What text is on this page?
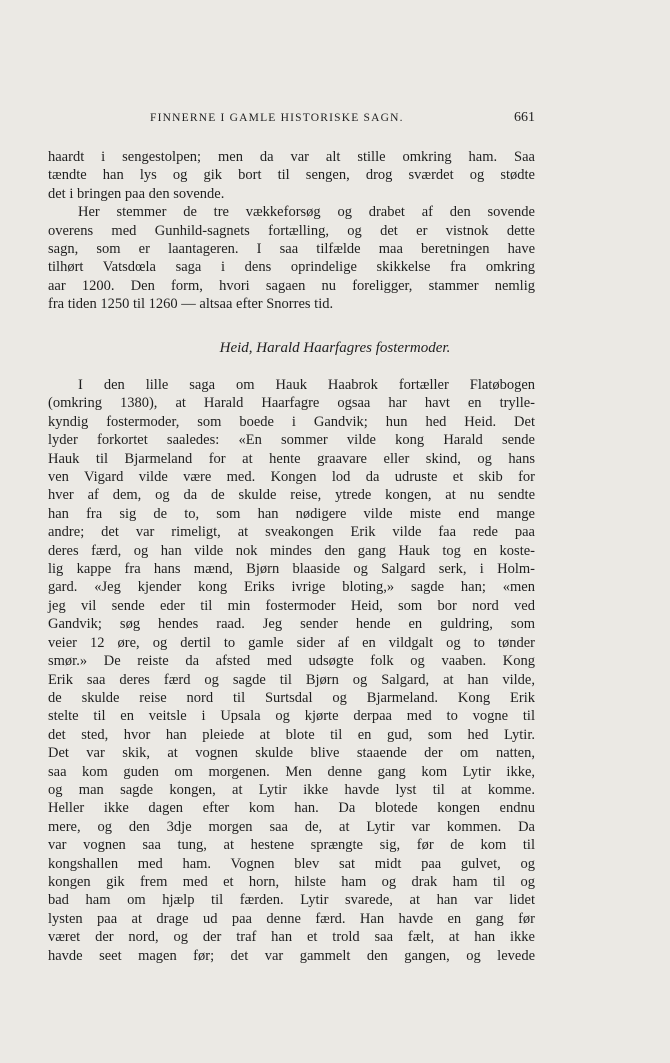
FINNERNE I GAMLE HISTORISKE SAGN.	661
haardt i sengestolpen; men da var alt stille omkring ham. Saa
tændte han lys og gik bort til sengen, drog sværdet og stødte
det i bringen paa den sovende.
Her stemmer de tre vækkeforsøg og drabet af den sovende
overens med Gunhild-sagnets fortælling, og det er vistnok dette
sagn, som er laantageren. I saa tilfælde maa beretningen have
tilhørt Vatsdœla saga i dens oprindelige skikkelse fra omkring
aar 1200. Den form, hvori sagaen nu foreligger, stammer nemlig
fra tiden 1250 til 1260 — altsaa efter Snorres tid.
Heid, Harald Haarfagres fostermoder.
I den lille saga om Hauk Haabrok fortæller Flatøbogen
(omkring 1380), at Harald Haarfagre ogsaa har havt en trylle-
kyndig fostermoder, som boede i Gandvik; hun hed Heid. Det
lyder forkortet saaledes: «En sommer vilde kong Harald sende
Hauk til Bjarmeland for at hente graavare eller skind, og hans
ven Vigard vilde være med. Kongen lod da udruste et skib for
hver af dem, og da de skulde reise, ytrede kongen, at nu sendte
han fra sig de to, som han nødigere vilde miste end mange
andre; det var rimeligt, at sveakongen Erik vilde faa rede paa
deres færd, og han vilde nok mindes den gang Hauk tog en koste-
lig kappe fra hans mænd, Bjørn blaaside og Salgard serk, i Holm-
gard. «Jeg kjender kong Eriks ivrige bloting,» sagde han; «men
jeg vil sende eder til min fostermoder Heid, som bor nord ved
Gandvik; søg hendes raad. Jeg sender hende en guldring, som
veier 12 øre, og dertil to gamle sider af en vildgalt og to tønder
smør.» De reiste da afsted med udsøgte folk og vaaben. Kong
Erik saa deres færd og sagde til Bjørn og Salgard, at han vilde,
de skulde reise nord til Surtsdal og Bjarmeland. Kong Erik
stelte til en veitsle i Upsala og kjørte derpaa med to vogne til
det sted, hvor han pleiede at blote til en gud, som hed Lytir.
Det var skik, at vognen skulde blive staaende der om natten,
saa kom guden om morgenen. Men denne gang kom Lytir ikke,
og man sagde kongen, at Lytir ikke havde lyst til at komme.
Heller ikke dagen efter kom han. Da blotede kongen endnu
mere, og den 3dje morgen saa de, at Lytir var kommen. Da
var vognen saa tung, at hestene sprængte sig, før de kom til
kongshallen med ham. Vognen blev sat midt paa gulvet, og
kongen gik frem med et horn, hilste ham og drak ham til og
bad ham om hjælp til færden. Lytir svarede, at han var lidet
lysten paa at drage ud paa denne færd. Han havde en gang før
været der nord, og der traf han et trold saa fælt, at han ikke
havde seet magen før; det var gammelt den gangen, og levede
